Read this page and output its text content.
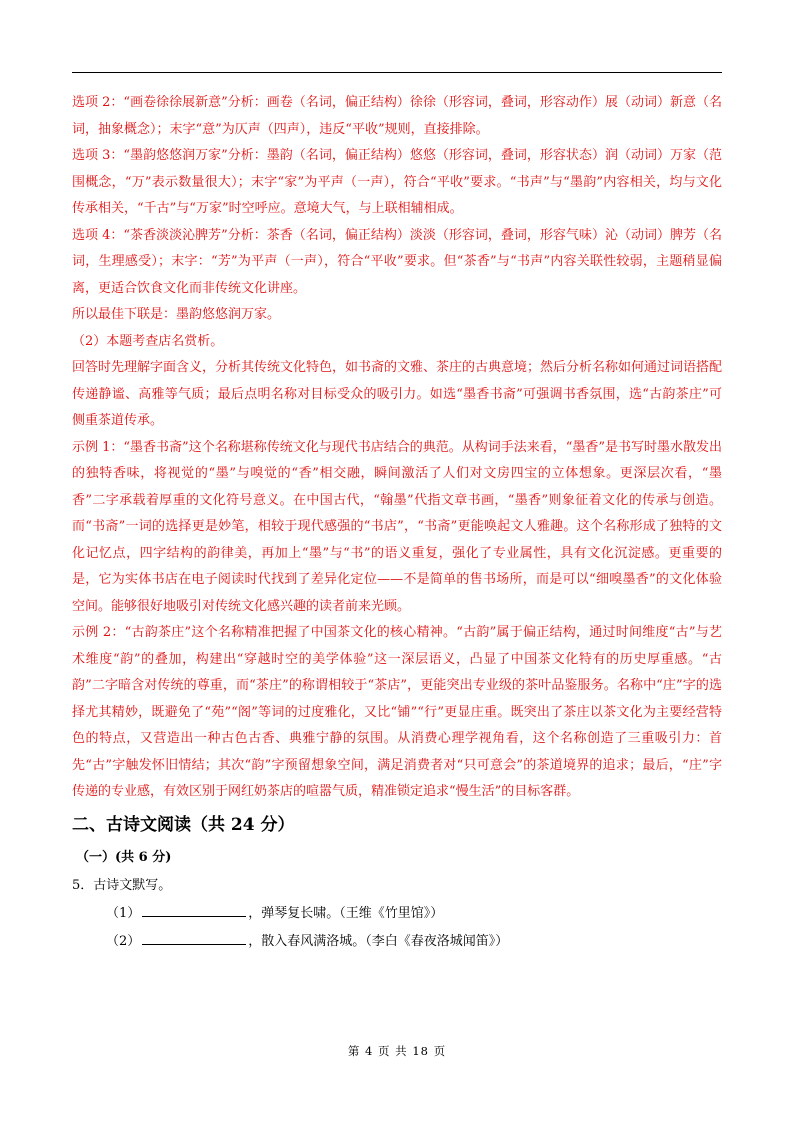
选项 2：“画卷徐徐展新意”分析：画卷（名词，偏正结构）徐徐（形容词，叠词，形容动作）展（动词）新意（名词，抽象概念）；末字“意”为仄声（四声），违反“平收”规则，直接排除。

选项 3：“墨韵悠悠润万家”分析：墨韵（名词，偏正结构）悠悠（形容词，叠词，形容状态）润（动词）万家（范围概念，“万”表示数量很大）；末字“家”为平声（一声），符合“平收”要求。“书声”与“墨韵”内容相关，均与文化传承相关，“千古”与“万家”时空呼应。意境大气，与上联相辅相成。

选项 4：“茶香淡淡沁脾芳”分析：茶香（名词，偏正结构）淡淡（形容词，叠词，形容气味）沁（动词）脾芳（名词，生理感受）；末字：“芳”为平声（一声），符合“平收”要求。但“茶香”与“书声”内容关联性较弱，主题稍显偏离，更适合饮食文化而非传统文化讲座。

所以最佳下联是：墨韵悠悠润万家。

（2）本题考查店名赏析。

回答时先理解字面含义，分析其传统文化特色，如书斋的文雅、茶庄的古典意境；然后分析名称如何通过词语搭配传递静谧、高雅等气质；最后点明名称对目标受众的吸引力。如选“墨香书斋”可强调书香氛围，选“古韵茶庄”可侧重茶道传承。

示例 1：“墨香书斋”这个名称堪称传统文化与现代书店结合的典范。从构词手法来看，“墨香”是书写时墨水散发出的独特香味，将视觉的“墨”与嗅觉的“香”相交融，瞬间激活了人们对文房四宝的立体想象。更深层次看，“墨香”二字承载着厚重的文化符号意义。在中国古代，“翰墨”代指文章书画，“墨香”则象征着文化的传承与创造。而“书斋”一词的选择更是妙笔，相较于现代感强的“书店”，“书斋”更能唤起文人雅趣。这个名称形成了独特的文化记忆点，四字结构的韵律美，再加上“墨”与“书”的语义重复，强化了专业属性，具有文化沉淀感。更重要的是，它为实体书店在电子阅读时代找到了差异化定位——不是简单的售书场所，而是可以“细嗅墨香”的文化体验空间。能够很好地吸引对传统文化感兴趣的读者前来光顾。

示例 2：“古韵茶庄”这个名称精准把握了中国茶文化的核心精神。“古韵”属于偏正结构，通过时间维度“古”与艺术维度“韵”的叠加，构建出“穿越时空的美学体验”这一深层语义，凸显了中国茶文化特有的历史厚重感。“古韵”二字暗含对传统的尊重，而“茶庄”的称谓相较于“茶店”，更能突出专业级的茶叶品鉴服务。名称中“庄”字的选择尤其精妙，既避免了“苑”“阁”等词的过度雅化，又比“铺”“行”更显庄重。既突出了茶庄以茶文化为主要经营特色的特点，又营造出一种古色古香、典雅宁静的氛围。从消费心理学视角看，这个名称创造了三重吸引力：首先“古”字触发怀旧情结；其次“韵”字预留想象空间，满足消费者对“只可意会”的茶道境界的追求；最后，“庄”字传递的专业感，有效区别于网红奶茶店的喧嚣气质，精准锁定追求“慢生活”的目标客群。

二、古诗文阅读（共 24 分）
（一）(共 6 分)

5．古诗文默写。

（1）	，弹琴复长啸。（王维《竹里馆》）

（2）	，散入春风满洛城。（李白《春夜洛城闻笛》）

第 4 页 共 18 页
